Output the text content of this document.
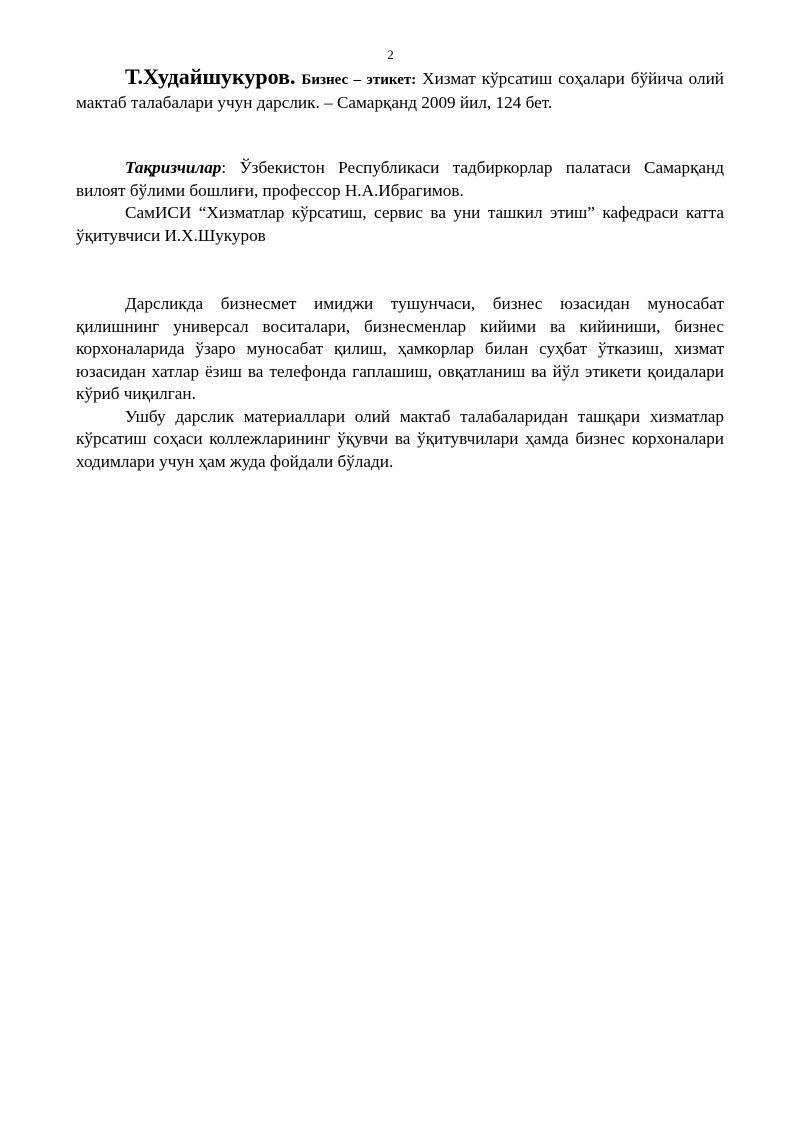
2

Т.Худайшукуров. Бизнес – этикет: Хизмат кўрсатиш соҳалари бўйича олий мактаб талабалари учун дарслик. – Самарқанд 2009 йил, 124 бет.

Тақризчилар: Ўзбекистон Республикаси тадбиркорлар палатаси Самарқанд вилоят бўлими бошлиғи, профессор Н.А.Ибрагимов.

СамИСИ “Хизматлар кўрсатиш, сервис ва уни ташкил этиш” кафедраси катта ўқитувчиси И.Х.Шукуров

Дарсликда бизнесмет имиджи тушунчаси, бизнес юзасидан муносабат қилишнинг универсал воситалари, бизнесменлар кийими ва кийиниши, бизнес корхоналарида ўзаро муносабат қилиш, ҳамкорлар билан суҳбат ўтказиш, хизмат юзасидан хатлар ёзиш ва телефонда гаплашиш, овқатланиш ва йўл этикети қоидалари кўриб чиқилган.

Ушбу дарслик материаллари олий мактаб талабаларидан ташқари хизматлар кўрсатиш соҳаси коллежларининг ўқувчи ва ўқитувчилари ҳамда бизнес корхоналари ходимлари учун ҳам жуда фойдали бўлади.
